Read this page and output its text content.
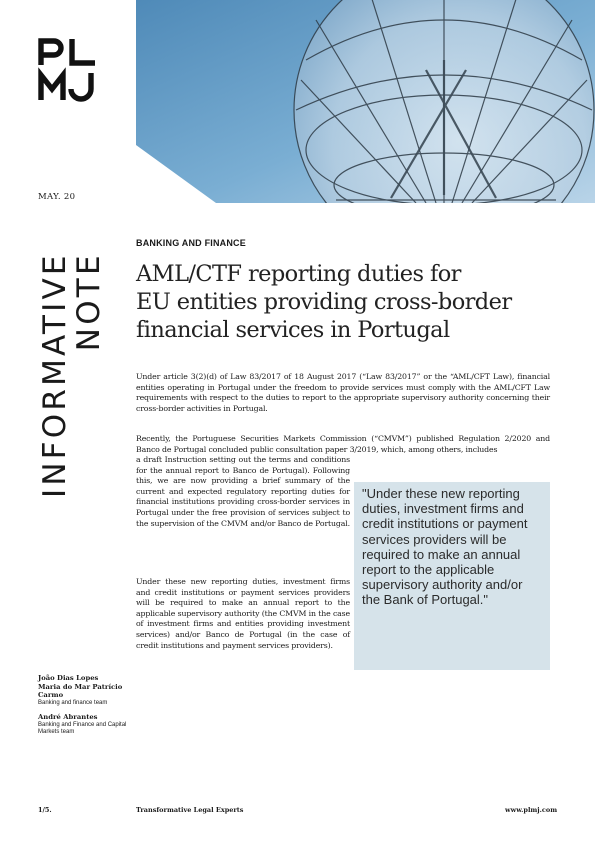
MAY. 20
INFORMATIVE
NOTE
BANKING AND FINANCE
AML/CTF reporting duties for
EU entities providing cross-border
financial services in Portugal

Under article 3(2)(d) of Law 83/2017 of 18 August 2017 (“Law 83/2017” or the “AML/CFT Law), financial entities operating in Portugal under the freedom to provide services must comply with the AML/CFT Law requirements with respect to the duties to report to the appropriate supervisory authority concerning their cross-border activities in Portugal.

Recently, the Portuguese Securities Markets Commission (“CMVM”) published Regulation 2/2020 and Banco de Portugal concluded public consultation paper 3/2019, which, among others, includes

a draft Instruction setting out the terms and conditions for the annual report to Banco de Portugal). Following this, we are now providing a brief summary of the current and expected regulatory reporting duties for financial institutions providing cross-border services in Portugal under the free provision of services subject to the supervision of the CMVM and/or Banco de Portugal.

Under these new reporting duties, investment firms and credit institutions or payment services providers will be required to make an annual report to the applicable supervisory authority (the CMVM in the case of investment firms and entities providing investment services) and/or Banco de Portugal (in the case of credit institutions and payment services providers).

"Under these new reporting duties, investment firms and credit institutions or payment services providers will be required to make an annual report to the applicable supervisory authority and/or the Bank of Portugal."

João Dias Lopes

Maria do Mar Patrício Carmo

Banking and finance team

André Abrantes

Banking and Finance and Capital Markets team

1/5.	Transformative Legal Experts	www.plmj.com
